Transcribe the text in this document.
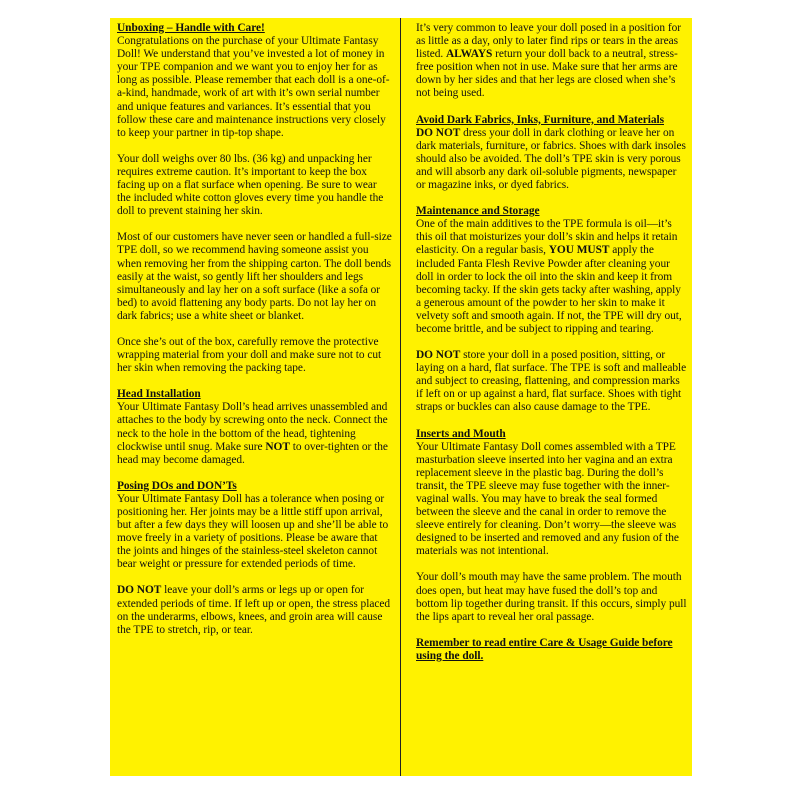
Unboxing – Handle with Care!

Congratulations on the purchase of your Ultimate Fantasy Doll! We understand that you’ve invested a lot of money in your TPE companion and we want you to enjoy her for as long as possible. Please remember that each doll is a one-of-a-kind, handmade, work of art with it’s own serial number and unique features and variances. It’s essential that you follow these care and maintenance instructions very closely to keep your partner in tip-top shape.

Your doll weighs over 80 lbs. (36 kg) and unpacking her requires extreme caution. It’s important to keep the box facing up on a flat surface when opening. Be sure to wear the included white cotton gloves every time you handle the doll to prevent staining her skin.

Most of our customers have never seen or handled a full-size TPE doll, so we recommend having someone assist you when removing her from the shipping carton. The doll bends easily at the waist, so gently lift her shoulders and legs simultaneously and lay her on a soft surface (like a sofa or bed) to avoid flattening any body parts. Do not lay her on dark fabrics; use a white sheet or blanket.

Once she’s out of the box, carefully remove the protective wrapping material from your doll and make sure not to cut her skin when removing the packing tape.

Head Installation

Your Ultimate Fantasy Doll’s head arrives unassembled and attaches to the body by screwing onto the neck. Connect the neck to the hole in the bottom of the head, tightening clockwise until snug. Make sure NOT to over-tighten or the head may become damaged.

Posing DOs and DON’Ts

Your Ultimate Fantasy Doll has a tolerance when posing or positioning her. Her joints may be a little stiff upon arrival, but after a few days they will loosen up and she’ll be able to move freely in a variety of positions. Please be aware that the joints and hinges of the stainless-steel skeleton cannot bear weight or pressure for extended periods of time.

DO NOT leave your doll’s arms or legs up or open for extended periods of time. If left up or open, the stress placed on the underarms, elbows, knees, and groin area will cause the TPE to stretch, rip, or tear.

It’s very common to leave your doll posed in a position for as little as a day, only to later find rips or tears in the areas listed. ALWAYS return your doll back to a neutral, stress-free position when not in use. Make sure that her arms are down by her sides and that her legs are closed when she’s not being used.

Avoid Dark Fabrics, Inks, Furniture, and Materials

DO NOT dress your doll in dark clothing or leave her on dark materials, furniture, or fabrics. Shoes with dark insoles should also be avoided. The doll’s TPE skin is very porous and will absorb any dark oil-soluble pigments, newspaper or magazine inks, or dyed fabrics.

Maintenance and Storage

One of the main additives to the TPE formula is oil—it’s this oil that moisturizes your doll’s skin and helps it retain elasticity. On a regular basis, YOU MUST apply the included Fanta Flesh Revive Powder after cleaning your doll in order to lock the oil into the skin and keep it from becoming tacky. If the skin gets tacky after washing, apply a generous amount of the powder to her skin to make it velvety soft and smooth again. If not, the TPE will dry out, become brittle, and be subject to ripping and tearing.

DO NOT store your doll in a posed position, sitting, or laying on a hard, flat surface. The TPE is soft and malleable and subject to creasing, flattening, and compression marks if left on or up against a hard, flat surface. Shoes with tight straps or buckles can also cause damage to the TPE.

Inserts and Mouth

Your Ultimate Fantasy Doll comes assembled with a TPE masturbation sleeve inserted into her vagina and an extra replacement sleeve in the plastic bag. During the doll’s transit, the TPE sleeve may fuse together with the inner-vaginal walls. You may have to break the seal formed between the sleeve and the canal in order to remove the sleeve entirely for cleaning. Don’t worry—the sleeve was designed to be inserted and removed and any fusion of the materials was not intentional.

Your doll’s mouth may have the same problem. The mouth does open, but heat may have fused the doll’s top and bottom lip together during transit. If this occurs, simply pull the lips apart to reveal her oral passage.

Remember to read entire Care & Usage Guide before using the doll.
